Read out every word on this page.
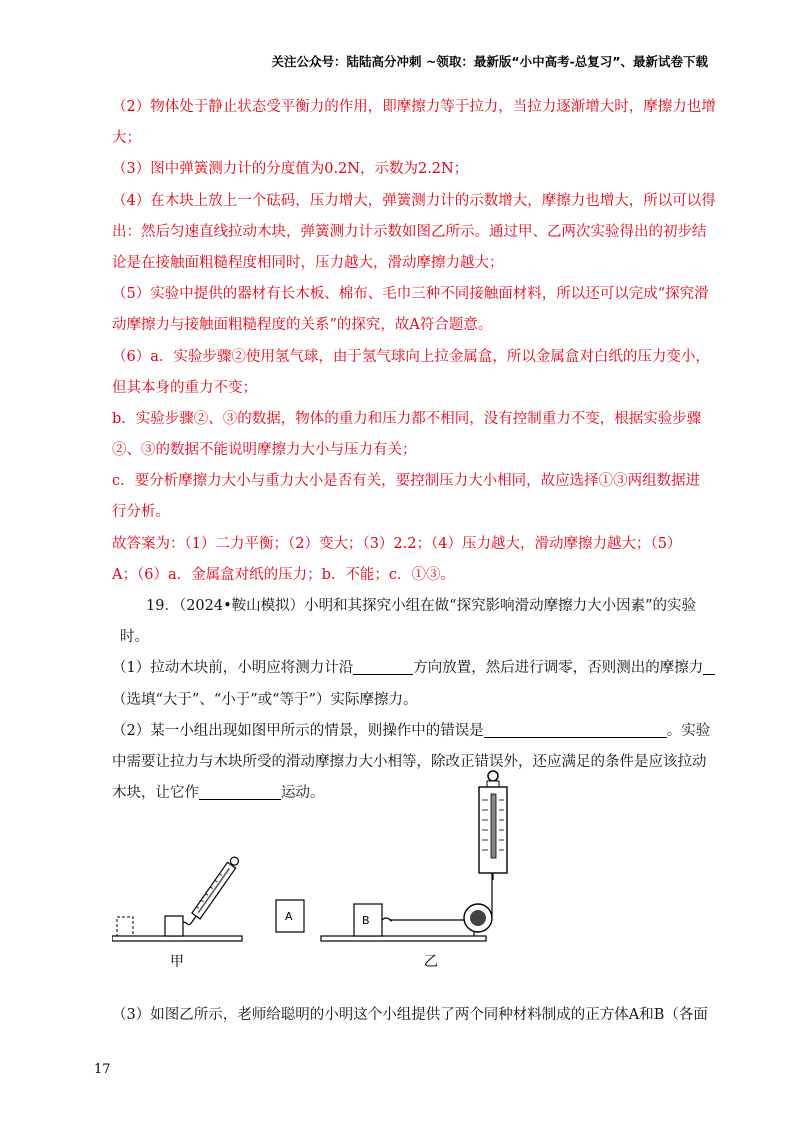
关注公众号：陆陆高分冲刺 ~领取：最新版“小中高考-总复习”、最新试卷下载
（2）物体处于静止状态受平衡力的作用，即摩擦力等于拉力，当拉力逐渐增大时，摩擦力也增
大；
（3）图中弹簧测力计的分度值为0.2N，示数为2.2N；
（4）在木块上放上一个砝码，压力增大，弹簧测力计的示数增大，摩擦力也增大，所以可以得
出：然后匀速直线拉动木块，弹簧测力计示数如图乙所示。通过甲、乙两次实验得出的初步结
论是在接触面粗糙程度相同时，压力越大，滑动摩擦力越大；
（5）实验中提供的器材有长木板、棉布、毛巾三种不同接触面材料，所以还可以完成“探究滑
动摩擦力与接触面粗糙程度的关系”的探究，故A符合题意。
（6）a．实验步骤②使用氢气球，由于氢气球向上拉金属盒，所以金属盒对白纸的压力变小，
但其本身的重力不变；
b．实验步骤②、③的数据，物体的重力和压力都不相同，没有控制重力不变，根据实验步骤
②、③的数据不能说明摩擦力大小与压力有关；
c．要分析摩擦力大小与重力大小是否有关，要控制压力大小相同，故应选择①③两组数据进
行分析。
故答案为：（1）二力平衡；（2）变大；（3）2.2；（4）压力越大，滑动摩擦力越大；（5）
A；（6）a．金属盒对纸的压力；b．不能；c．①③。
19．（2024•鞍山模拟）小明和其探究小组在做“探究影响滑动摩擦力大小因素”的实验
时。
（1）拉动木块前，小明应将测力计沿	方向放置，然后进行调零，否则测出的摩擦力
（选填“大于”、“小于”或“等于”）实际摩擦力。
（2）某一小组出现如图甲所示的情景，则操作中的错误是	。实验
中需要让拉力与木块所受的滑动摩擦力大小相等，除改正错误外，还应满足的条件是应该拉动
木块，让它作	运动。
甲
A	B
乙
（3）如图乙所示，老师给聪明的小明这个小组提供了两个同种材料制成的正方体A和B（各面
17
